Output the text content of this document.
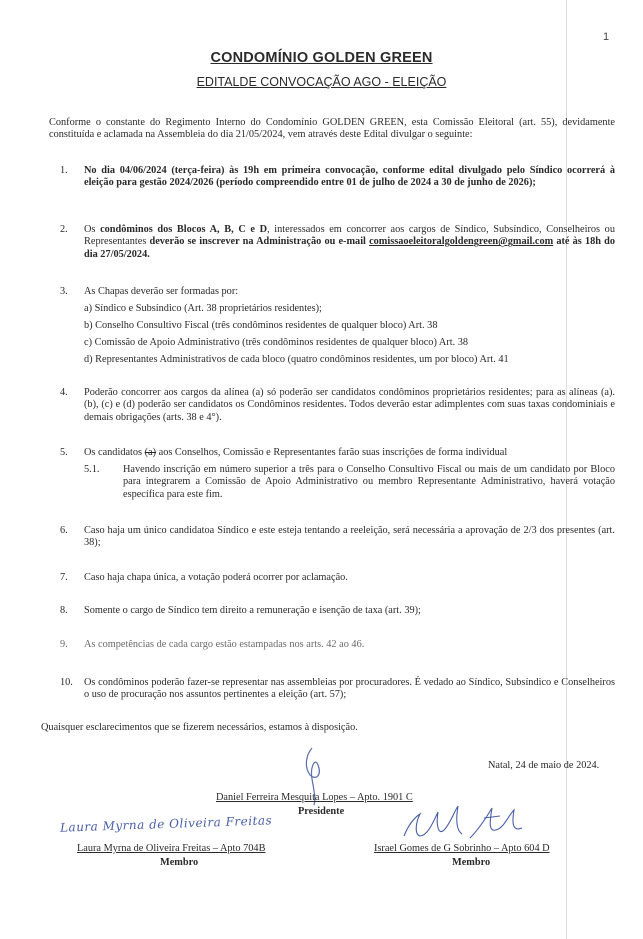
1
CONDOMÍNIO GOLDEN GREEN
EDITALDE CONVOCAÇÃO AGO - ELEIÇÃO
Conforme o constante do Regimento Interno do Condomínio GOLDEN GREEN, esta Comissão Eleitoral (art. 55), devidamente constituída e aclamada na Assembleia do dia 21/05/2024, vem através deste Edital divulgar o seguinte:
1. No dia 04/06/2024 (terça-feira) às 19h em primeira convocação, conforme edital divulgado pelo Síndico ocorrerá à eleição para gestão 2024/2026 (período compreendido entre 01 de julho de 2024 a 30 de junho de 2026);
2. Os condôminos dos Blocos A, B, C e D, interessados em concorrer aos cargos de Síndico, Subsíndico, Conselheiros ou Representantes deverão se inscrever na Administração ou e-mail comissaoeleitoralgoldengreen@gmail.com até às 18h do dia 27/05/2024.
3. As Chapas deverão ser formadas por:
a) Síndico e Subsíndico (Art. 38 proprietários residentes);
b) Conselho Consultivo Fiscal (três condôminos residentes de qualquer bloco) Art. 38
c) Comissão de Apoio Administrativo (três condôminos residentes de qualquer bloco) Art. 38
d) Representantes Administrativos de cada bloco (quatro condôminos residentes, um por bloco) Art. 41
4. Poderão concorrer aos cargos da alínea (a) só poderão ser candidatos condôminos proprietários residentes; para as alíneas (a). (b), (c) e (d) poderão ser candidatos os Condôminos residentes. Todos deverão estar adimplentes com suas taxas condominiais e demais obrigações (arts. 38 e 4°).
5. Os candidatos (a) aos Conselhos, Comissão e Representantes farão suas inscrições de forma individual
5.1. Havendo inscrição em número superior a três para o Conselho Consultivo Fiscal ou mais de um candidato por Bloco para integrarem a Comissão de Apoio Administrativo ou membro Representante Administrativo, haverá votação específica para este fim.
6. Caso haja um único candidatoa Síndico e este esteja tentando a reeleição, será necessária a aprovação de 2/3 dos presentes (art. 38);
7. Caso haja chapa única, a votação poderá ocorrer por aclamação.
8. Somente o cargo de Síndico tem direito a remuneração e isenção de taxa (art. 39);
9. As competências de cada cargo estão estampadas nos arts. 42 ao 46.
10. Os condôminos poderão fazer-se representar nas assembleias por procuradores. É vedado ao Síndico, Subsíndico e Conselheiros o uso de procuração nos assuntos pertinentes a eleição (art. 57);
Quaisquer esclarecimentos que se fizerem necessários, estamos à disposição.
Natal, 24 de maio de 2024.
Daniel Ferreira Mesquita Lopes – Apto. 1901 C
Presidente
Laura Myrna de Oliveira Freitas
Laura Myrna de Oliveira Freitas – Apto 704B
Membro
Israel Gomes de G Sobrinho – Apto 604 D
Membro
